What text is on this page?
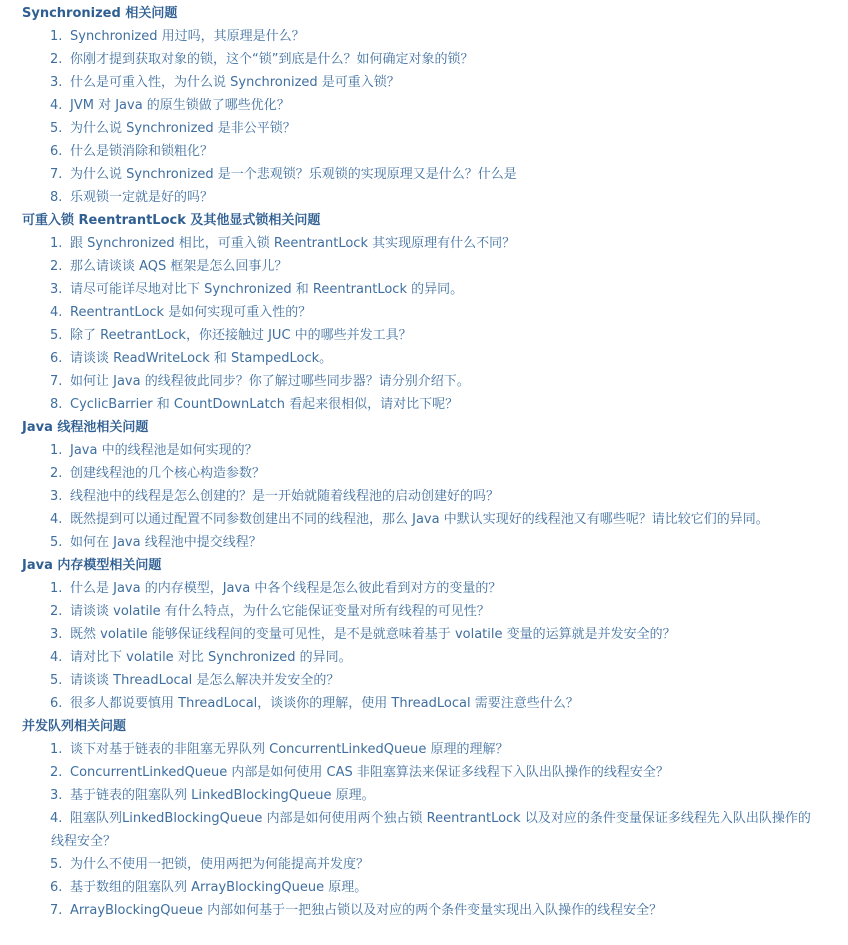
Synchronized 相关问题
1. Synchronized 用过吗，其原理是什么？
2. 你刚才提到获取对象的锁，这个“锁”到底是什么？如何确定对象的锁？
3. 什么是可重入性，为什么说 Synchronized 是可重入锁？
4. JVM 对 Java 的原生锁做了哪些优化？
5. 为什么说 Synchronized 是非公平锁？
6. 什么是锁消除和锁粗化？
7. 为什么说 Synchronized 是一个悲观锁？乐观锁的实现原理又是什么？什么是
8. 乐观锁一定就是好的吗？
可重入锁 ReentrantLock 及其他显式锁相关问题
1. 跟 Synchronized 相比，可重入锁 ReentrantLock 其实现原理有什么不同？
2. 那么请谈谈 AQS 框架是怎么回事儿？
3. 请尽可能详尽地对比下 Synchronized 和 ReentrantLock 的异同。
4. ReentrantLock 是如何实现可重入性的？
5. 除了 ReetrantLock，你还接触过 JUC 中的哪些并发工具？
6. 请谈谈 ReadWriteLock 和 StampedLock。
7. 如何让 Java 的线程彼此同步？你了解过哪些同步器？请分别介绍下。
8. CyclicBarrier 和 CountDownLatch 看起来很相似，请对比下呢？
Java 线程池相关问题
1. Java 中的线程池是如何实现的？
2. 创建线程池的几个核心构造参数？
3. 线程池中的线程是怎么创建的？是一开始就随着线程池的启动创建好的吗？
4. 既然提到可以通过配置不同参数创建出不同的线程池，那么 Java 中默认实现好的线程池又有哪些呢？请比较它们的异同。
5. 如何在 Java 线程池中提交线程？
Java 内存模型相关问题
1. 什么是 Java 的内存模型，Java 中各个线程是怎么彼此看到对方的变量的？
2. 请谈谈 volatile 有什么特点，为什么它能保证变量对所有线程的可见性？
3. 既然 volatile 能够保证线程间的变量可见性，是不是就意味着基于 volatile 变量的运算就是并发安全的？
4. 请对比下 volatile 对比 Synchronized 的异同。
5. 请谈谈 ThreadLocal 是怎么解决并发安全的？
6. 很多人都说要慎用 ThreadLocal，谈谈你的理解，使用 ThreadLocal 需要注意些什么？
并发队列相关问题
1. 谈下对基于链表的非阻塞无界队列 ConcurrentLinkedQueue 原理的理解？
2. ConcurrentLinkedQueue 内部是如何使用 CAS 非阻塞算法来保证多线程下入队出队操作的线程安全？
3. 基于链表的阻塞队列 LinkedBlockingQueue 原理。
4. 阻塞队列LinkedBlockingQueue 内部是如何使用两个独占锁 ReentrantLock 以及对应的条件变量保证多线程先入队出队操作的线程安全？
5. 为什么不使用一把锁，使用两把为何能提高并发度？
6. 基于数组的阻塞队列 ArrayBlockingQueue 原理。
7. ArrayBlockingQueue 内部如何基于一把独占锁以及对应的两个条件变量实现出入队操作的线程安全？
